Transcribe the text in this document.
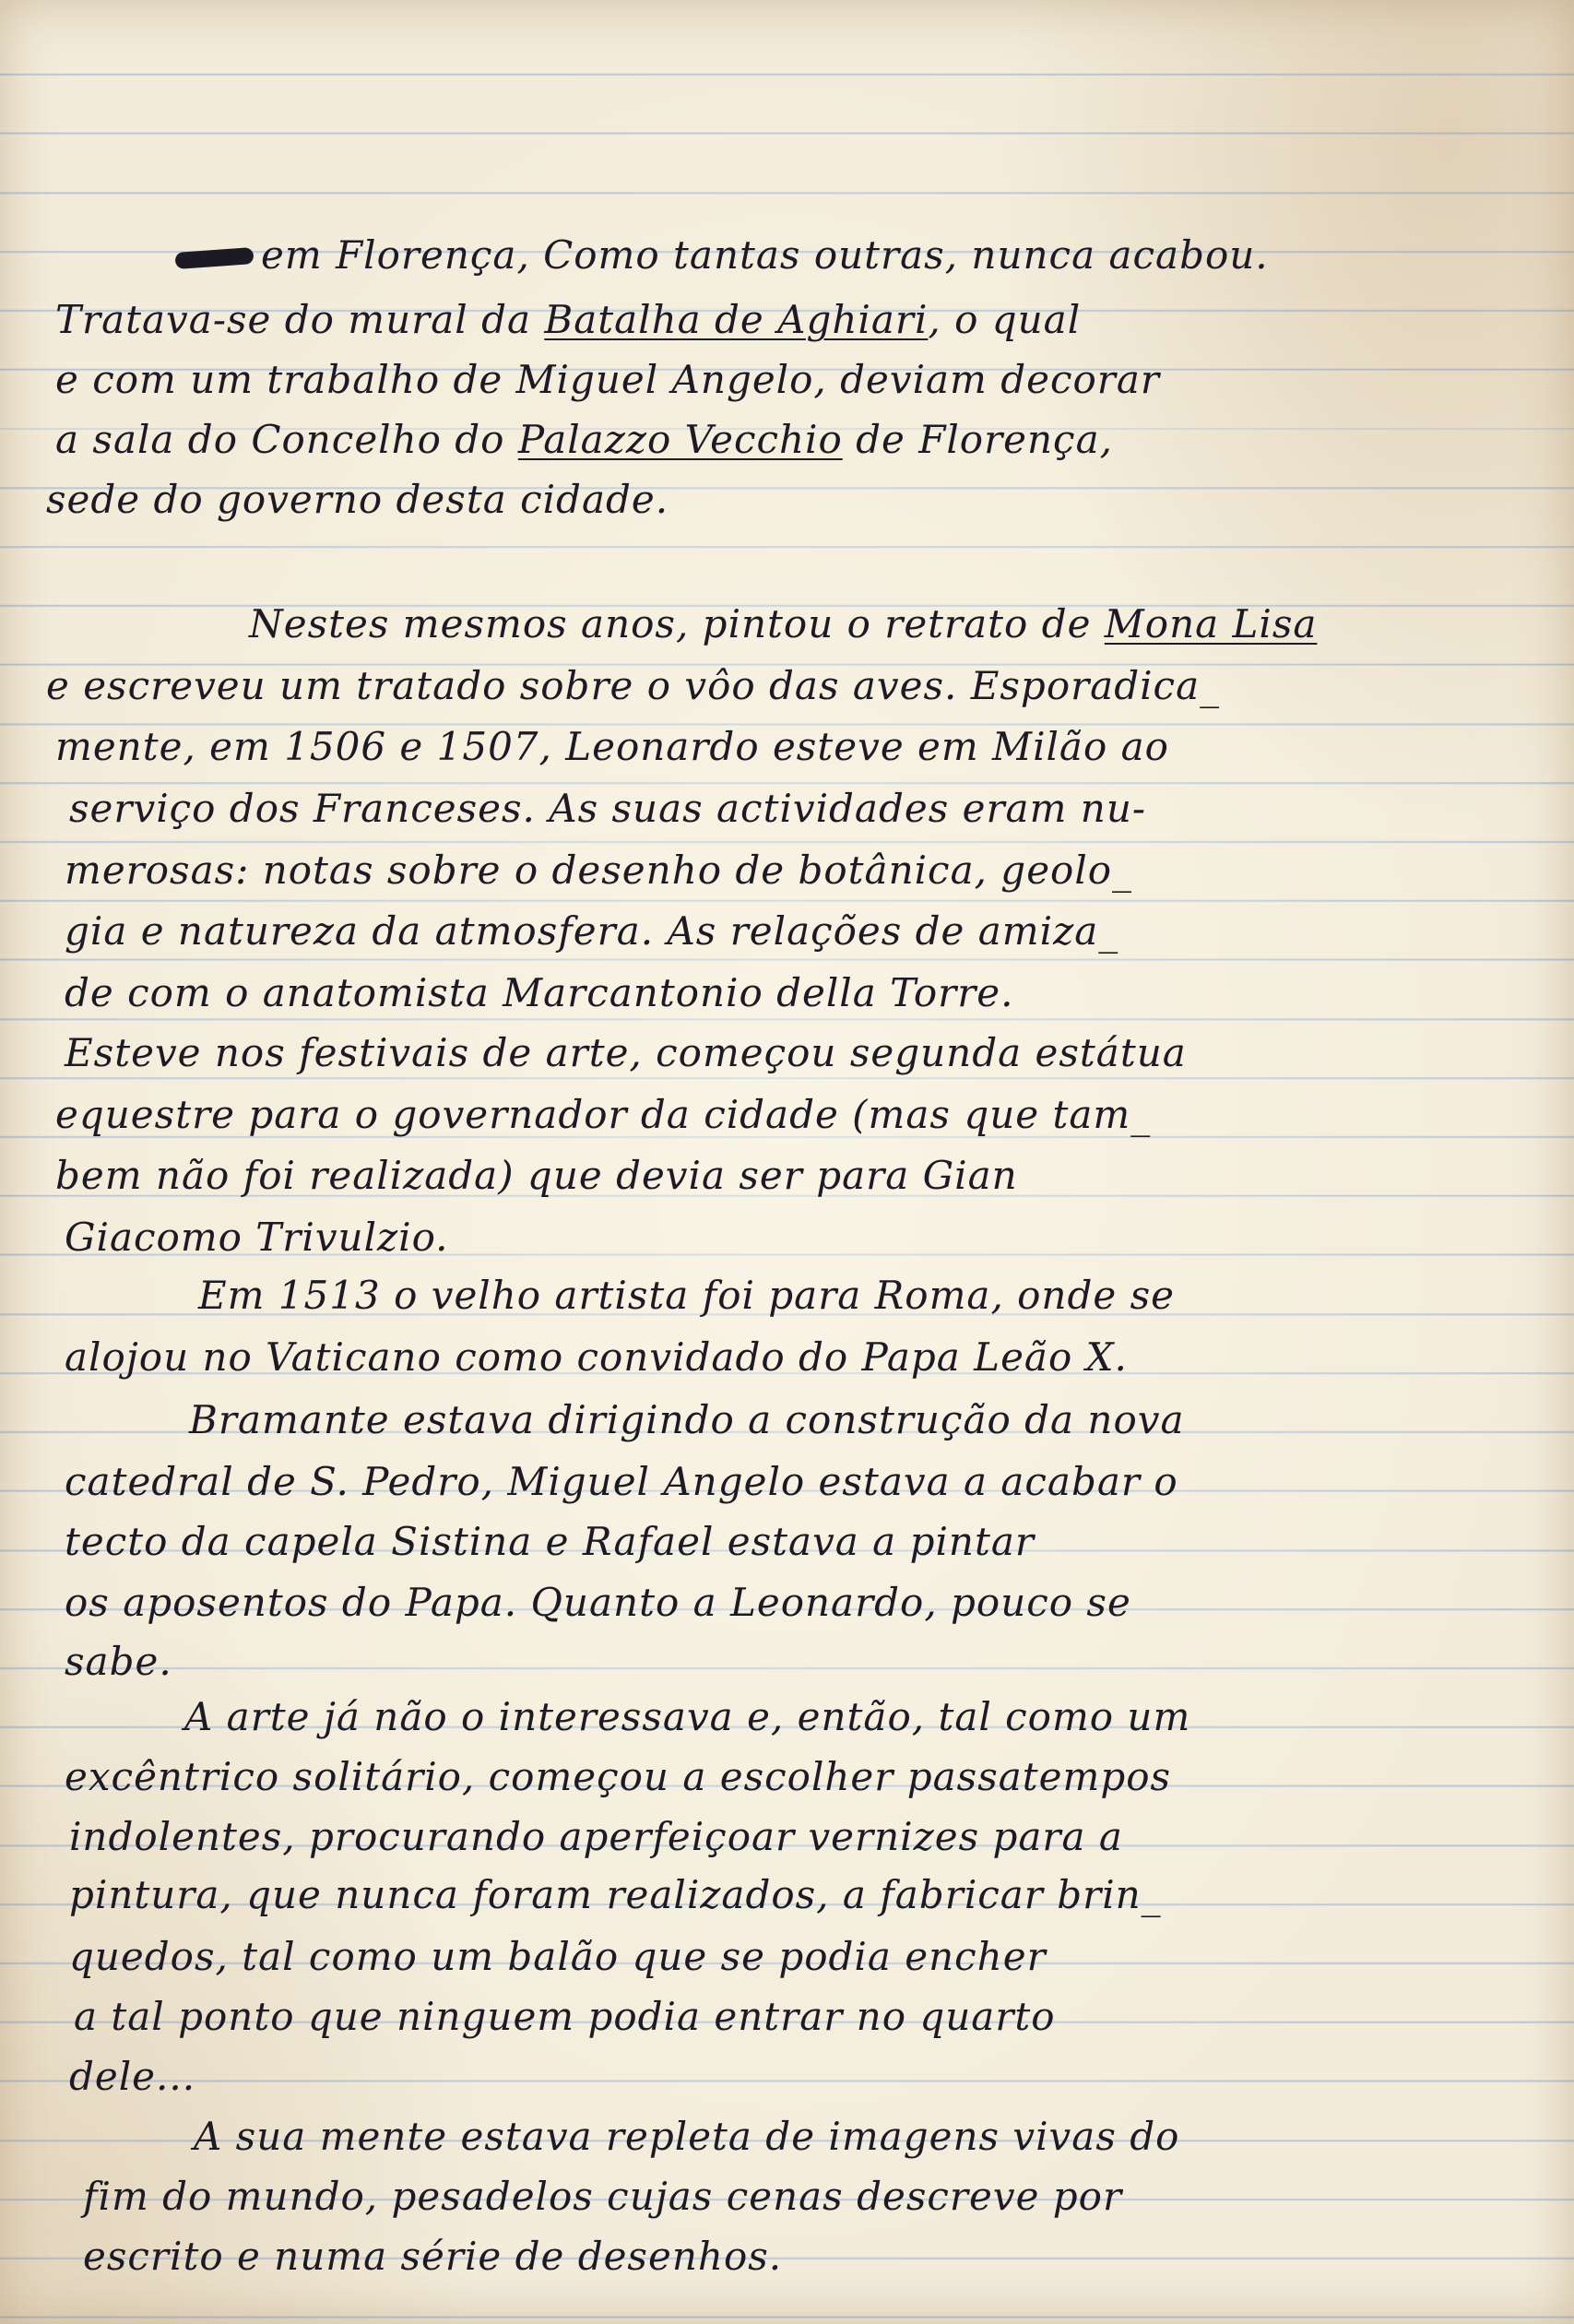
em Florença, Como tantas outras, nunca acabou.
Tratava-se do mural da Batalha de Aghiari, o qual
e com um trabalho de Miguel Angelo, deviam decorar
a sala do Concelho do Palazzo Vecchio de Florença,
sede do governo desta cidade.
Nestes mesmos anos, pintou o retrato de Mona Lisa
e escreveu um tratado sobre o vôo das aves. Esporadica_
mente, em 1506 e 1507, Leonardo esteve em Milão ao
serviço dos Franceses. As suas actividades eram nu-
merosas: notas sobre o desenho de botânica, geolo_
gia e natureza da atmosfera. As relações de amiza_
de com o anatomista Marcantonio della Torre.
Esteve nos festivais de arte, começou segunda estátua
equestre para o governador da cidade (mas que tam_
bem não foi realizada) que devia ser para Gian
Giacomo Trivulzio.
Em 1513 o velho artista foi para Roma, onde se
alojou no Vaticano como convidado do Papa Leão X.
Bramante estava dirigindo a construção da nova
catedral de S. Pedro, Miguel Angelo estava a acabar o
tecto da capela Sistina e Rafael estava a pintar
os aposentos do Papa. Quanto a Leonardo, pouco se
sabe.
A arte já não o interessava e, então, tal como um
excêntrico solitário, começou a escolher passatempos
indolentes, procurando aperfeiçoar vernizes para a
pintura, que nunca foram realizados, a fabricar brin_
quedos, tal como um balão que se podia encher
a tal ponto que ninguem podia entrar no quarto
dele...
A sua mente estava repleta de imagens vivas do
fim do mundo, pesadelos cujas cenas descreve por
escrito e numa série de desenhos.
